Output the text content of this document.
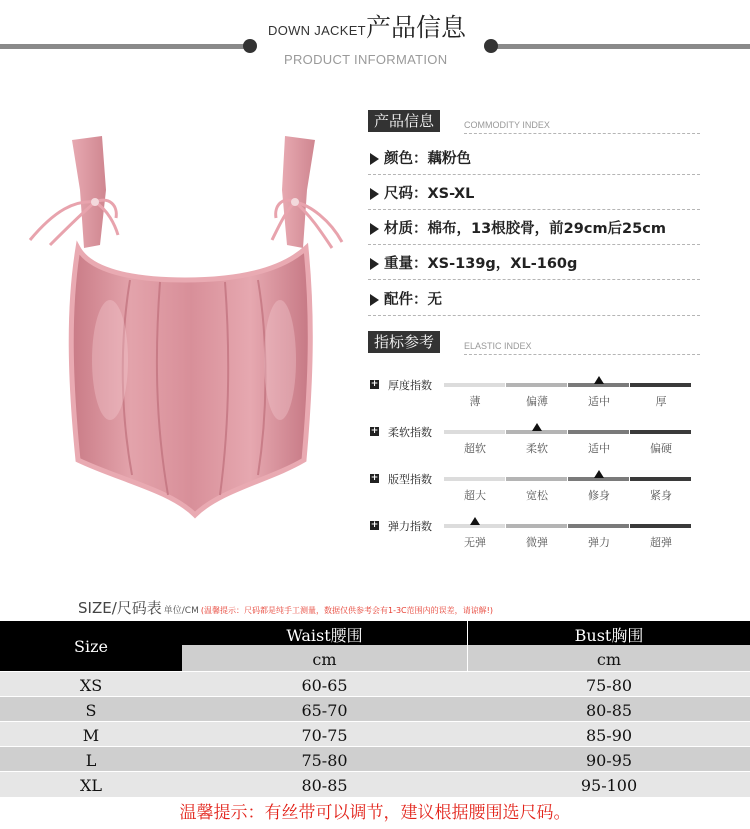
DOWN JACKET 产品信息
PRODUCT INFORMATION
产品信息	COMMODITY INDEX
颜色：藕粉色
尺码：XS-XL
材质：棉布，13根胶骨，前29cm后25cm
重量：XS-139g，XL-160g
配件：无
指标参考	ELASTIC INDEX
+ 厚度指数
薄	偏薄	适中	厚
+ 柔软指数
超软	柔软	适中	偏硬
+ 版型指数
超大	宽松	修身	紧身
+ 弹力指数
无弹	微弹	弹力	超弹
SIZE/尺码表 单位/CM (温馨提示：尺码都是纯手工测量，数据仅供参考会有1-3C范围内的误差，请谅解!)
Size
Waist腰围	Bust胸围
cm	cm
XS	60-65	75-80
S	65-70	80-85
M	70-75	85-90
L	75-80	90-95
XL	80-85	95-100
温馨提示：有丝带可以调节，建议根据腰围选尺码。
